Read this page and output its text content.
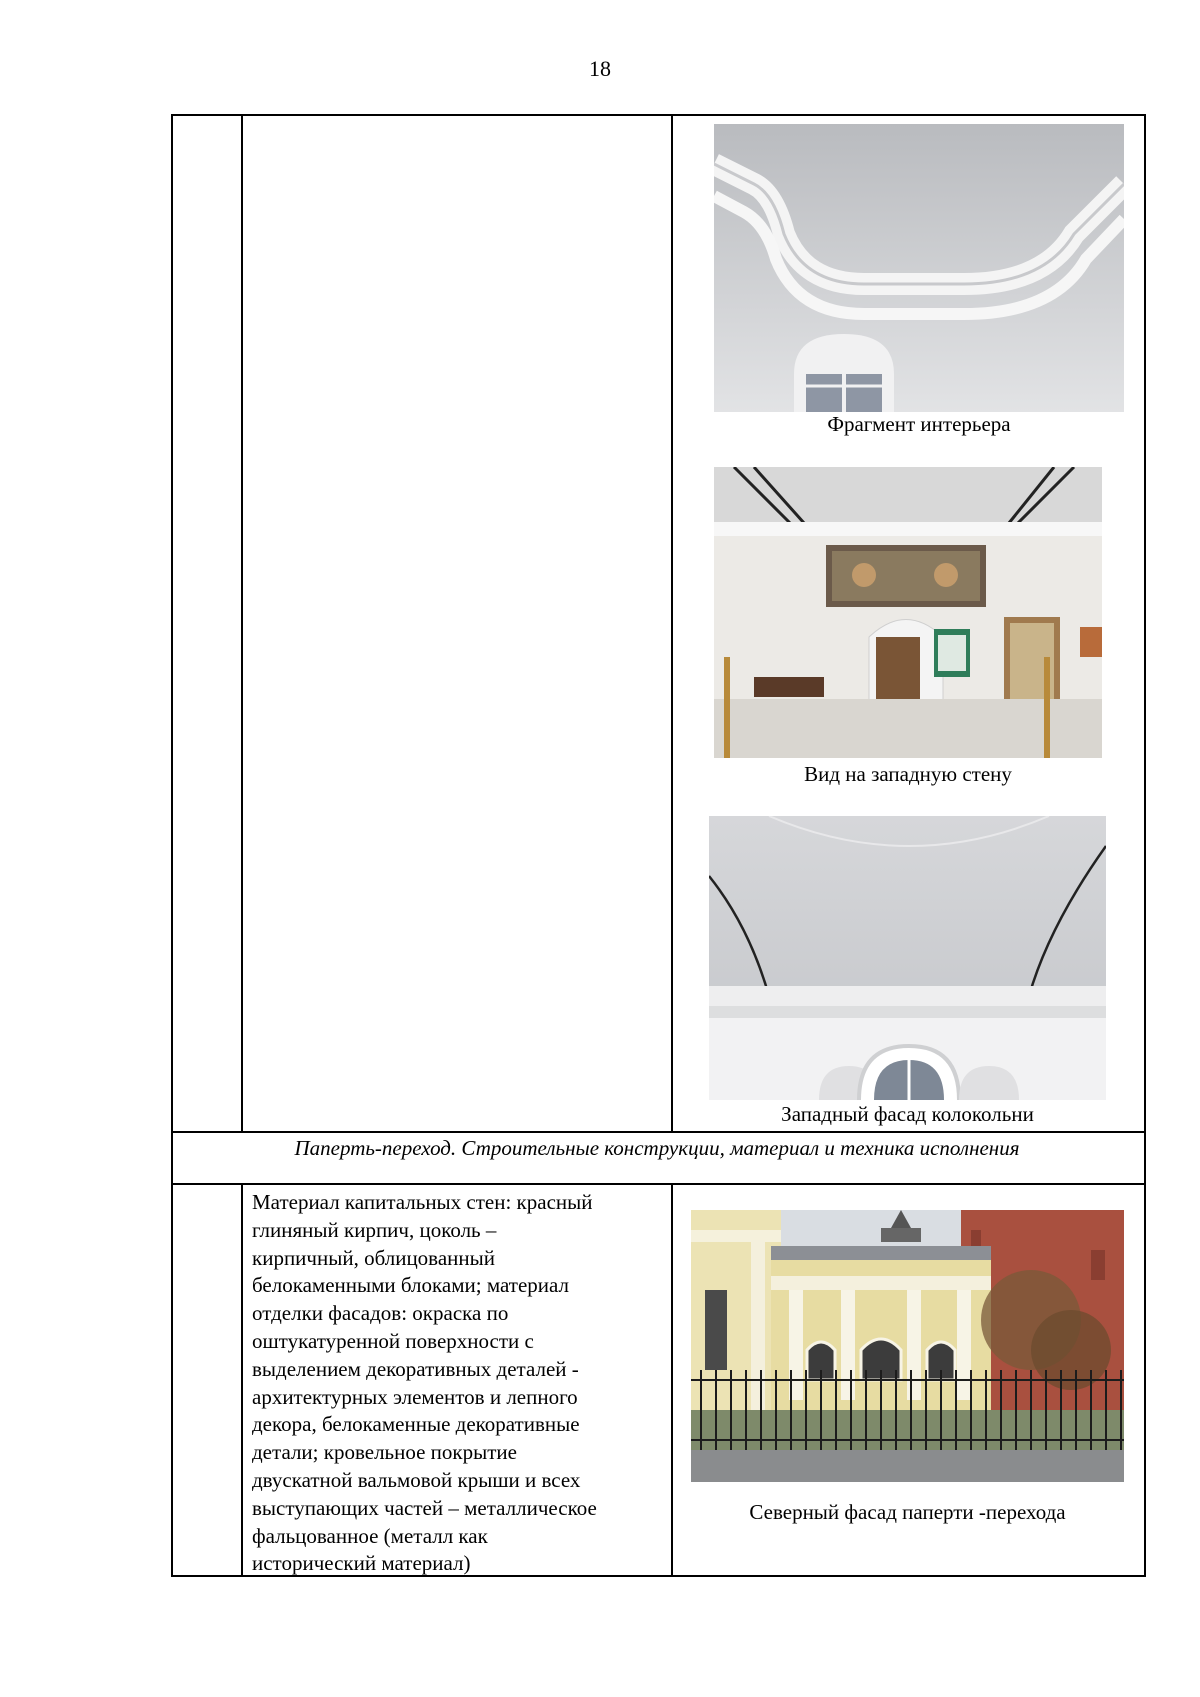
18
Фрагмент интерьера
Вид на западную стену
Западный фасад колокольни
Паперть-переход. Строительные конструкции, материал и техника исполнения
Материал капитальных стен: красный
глиняный кирпич, цоколь –
кирпичный, облицованный
белокаменными блоками; материал
отделки фасадов: окраска по
оштукатуренной поверхности с
выделением декоративных деталей -
архитектурных элементов и лепного
декора, белокаменные декоративные
детали; кровельное покрытие
двускатной вальмовой крыши и всех
выступающих частей – металлическое
фальцованное (металл как
исторический материал)
Северный фасад паперти -перехода
